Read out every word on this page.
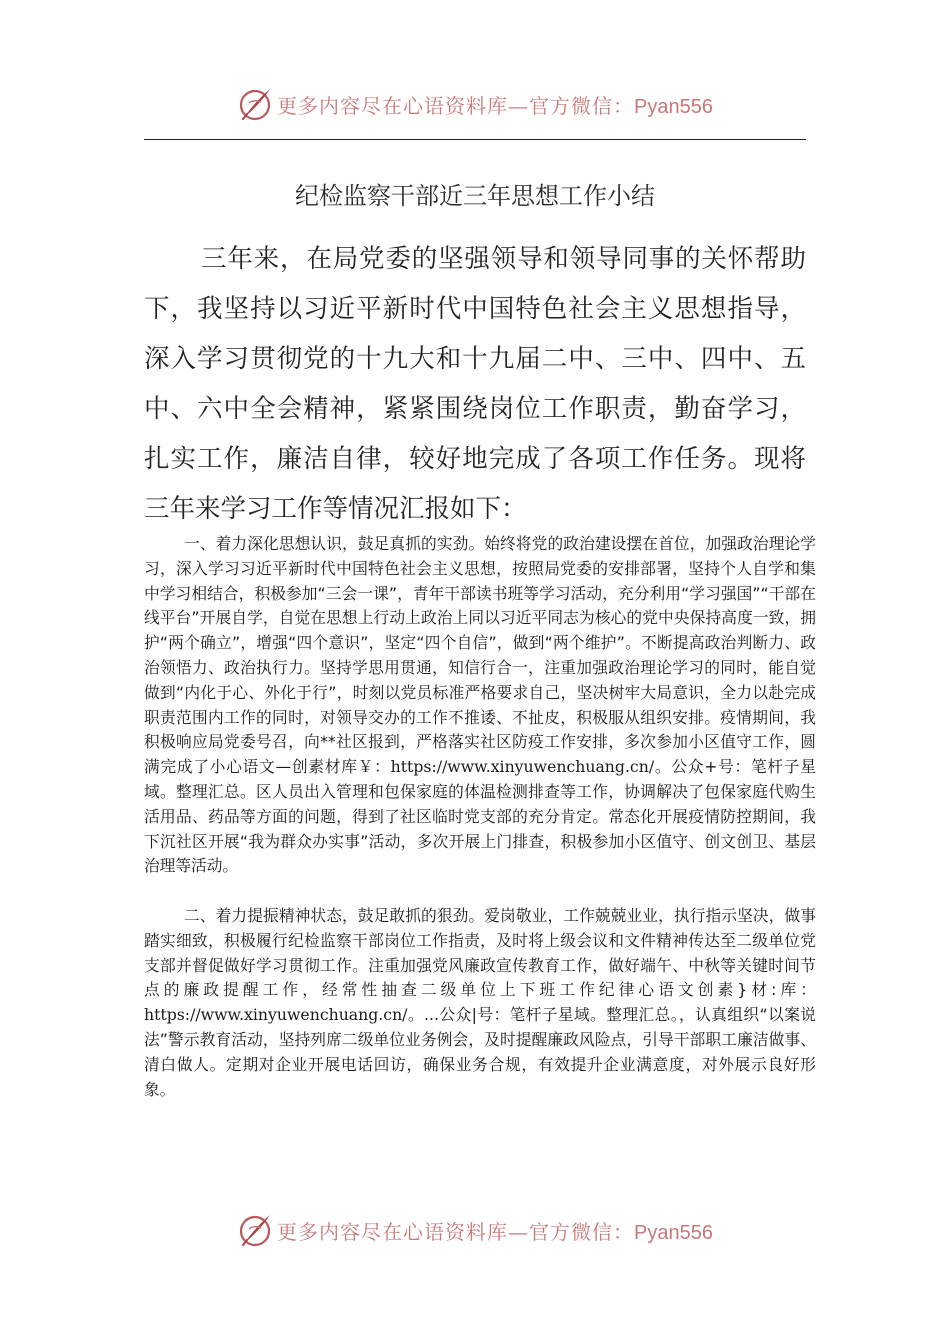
更多内容尽在心语资料库—官方微信：Pyan556
纪检监察干部近三年思想工作小结

三年来，在局党委的坚强领导和领导同事的关怀帮助下，我坚持以习近平新时代中国特色社会主义思想指导，深入学习贯彻党的十九大和十九届二中、三中、四中、五中、六中全会精神，紧紧围绕岗位工作职责，勤奋学习，扎实工作，廉洁自律，较好地完成了各项工作任务。现将三年来学习工作等情况汇报如下：

一、着力深化思想认识，鼓足真抓的实劲。始终将党的政治建设摆在首位，加强政治理论学习，深入学习习近平新时代中国特色社会主义思想，按照局党委的安排部署，坚持个人自学和集中学习相结合，积极参加“三会一课”，青年干部读书班等学习活动，充分利用“学习强国”“干部在线平台”开展自学，自觉在思想上行动上政治上同以习近平同志为核心的党中央保持高度一致，拥护“两个确立”，增强“四个意识”，坚定“四个自信”，做到“两个维护”。不断提高政治判断力、政治领悟力、政治执行力。坚持学思用贯通，知信行合一，注重加强政治理论学习的同时，能自觉做到“内化于心、外化于行”，时刻以党员标准严格要求自己，坚决树牢大局意识，全力以赴完成职责范围内工作的同时，对领导交办的工作不推诿、不扯皮，积极服从组织安排。疫情期间，我积极响应局党委号召，向**社区报到，严格落实社区防疫工作安排，多次参加小区值守工作，圆满完成了小心语文—创素材库￥：https://www.xinyuwenchuang.cn/。公众+号：笔杆子星域。整理汇总。区人员出入管理和包保家庭的体温检测排查等工作，协调解决了包保家庭代购生活用品、药品等方面的问题，得到了社区临时党支部的充分肯定。常态化开展疫情防控期间，我下沉社区开展“我为群众办实事”活动，多次开展上门排查，积极参加小区值守、创文创卫、基层治理等活动。

二、着力提振精神状态，鼓足敢抓的狠劲。爱岗敬业，工作兢兢业业，执行指示坚决，做事踏实细致，积极履行纪检监察干部岗位工作指责，及时将上级会议和文件精神传达至二级单位党支部并督促做好学习贯彻工作。注重加强党风廉政宣传教育工作，做好端午、中秋等关键时间节点的廉政提醒工作，经常性抽查二级单位上下班工作纪律心语文创素}材:库：https://www.xinyuwenchuang.cn/。...公众|号：笔杆子星域。整理汇总。，认真组织“以案说法”警示教育活动，坚持列席二级单位业务例会，及时提醒廉政风险点，引导干部职工廉洁做事、清白做人。定期对企业开展电话回访，确保业务合规，有效提升企业满意度，对外展示良好形象。

更多内容尽在心语资料库—官方微信：Pyan556
